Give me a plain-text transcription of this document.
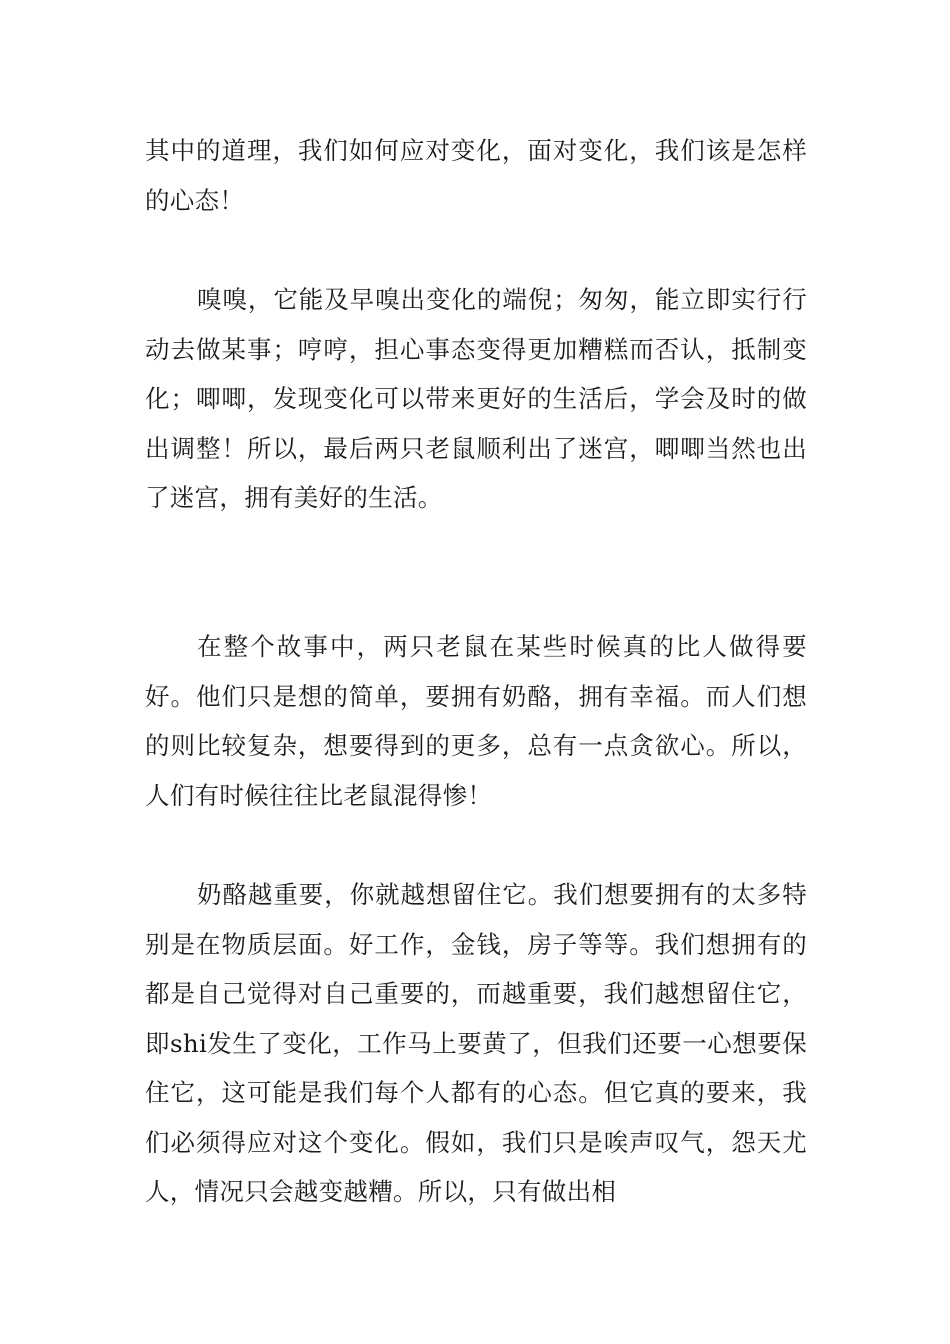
其中的道理，我们如何应对变化，面对变化，我们该是怎样的心态！

嗅嗅，它能及早嗅出变化的端倪；匆匆，能立即实行行动去做某事；哼哼，担心事态变得更加糟糕而否认，抵制变化；唧唧，发现变化可以带来更好的生活后，学会及时的做出调整！所以，最后两只老鼠顺利出了迷宫，唧唧当然也出了迷宫，拥有美好的生活。

在整个故事中，两只老鼠在某些时候真的比人做得要好。他们只是想的简单，要拥有奶酪，拥有幸福。而人们想的则比较复杂，想要得到的更多，总有一点贪欲心。所以，人们有时候往往比老鼠混得惨！

奶酪越重要，你就越想留住它。我们想要拥有的太多特别是在物质层面。好工作，金钱，房子等等。我们想拥有的都是自己觉得对自己重要的，而越重要，我们越想留住它，即shi发生了变化，工作马上要黄了，但我们还要一心想要保住它，这可能是我们每个人都有的心态。但它真的要来，我们必须得应对这个变化。假如，我们只是唉声叹气，怨天尤人，情况只会越变越糟。所以，只有做出相
